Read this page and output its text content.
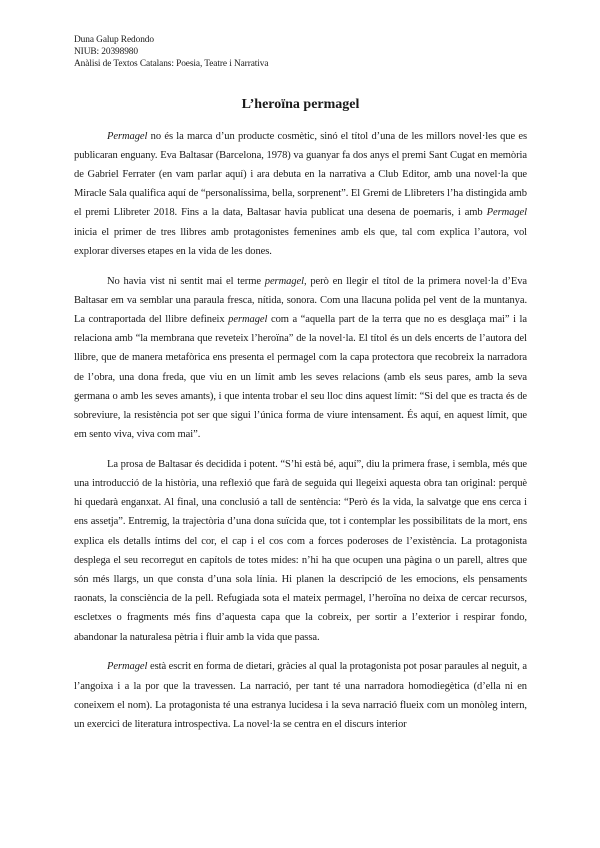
Duna Galup Redondo
NIUB: 20398980
Anàlisi de Textos Catalans: Poesia, Teatre i Narrativa
L’heroïna permagel

Permagel no és la marca d’un producte cosmètic, sinó el títol d’una de les millors novel·les que es publicaran enguany. Eva Baltasar (Barcelona, 1978) va guanyar fa dos anys el premi Sant Cugat en memòria de Gabriel Ferrater (en vam parlar aquí) i ara debuta en la narrativa a Club Editor, amb una novel·la que Miracle Sala qualifica aquí de “personalíssima, bella, sorprenent”. El Gremi de Llibreters l’ha distingida amb el premi Llibreter 2018. Fins a la data, Baltasar havia publicat una desena de poemaris, i amb Permagel inicia el primer de tres llibres amb protagonistes femenines amb els que, tal com explica l’autora, vol explorar diverses etapes en la vida de les dones.

No havia vist ni sentit mai el terme permagel, però en llegir el títol de la primera novel·la d’Eva Baltasar em va semblar una paraula fresca, nítida, sonora. Com una llacuna polida pel vent de la muntanya. La contraportada del llibre defineix permagel com a “aquella part de la terra que no es desglaça mai” i la relaciona amb “la membrana que reveteix l’heroïna” de la novel·la. El títol és un dels encerts de l’autora del llibre, que de manera metafòrica ens presenta el permagel com la capa protectora que recobreix la narradora de l’obra, una dona freda, que viu en un límit amb les seves relacions (amb els seus pares, amb la seva germana o amb les seves amants), i que intenta trobar el seu lloc dins aquest límit: “Si del que es tracta és de sobreviure, la resistència pot ser que sigui l’única forma de viure intensament. És aquí, en aquest límit, que em sento viva, viva com mai”.

La prosa de Baltasar és decidida i potent. “S’hi està bé, aquí”, diu la primera frase, i sembla, més que una introducció de la història, una reflexió que farà de seguida qui llegeixi aquesta obra tan original: perquè hi quedarà enganxat. Al final, una conclusió a tall de sentència: “Però és la vida, la salvatge que ens cerca i ens assetja”. Entremig, la trajectòria d’una dona suïcida que, tot i contemplar les possibilitats de la mort, ens explica els detalls íntims del cor, el cap i el cos com a forces poderoses de l’existència. La protagonista desplega el seu recorregut en capítols de totes mides: n’hi ha que ocupen una pàgina o un parell, altres que són més llargs, un que consta d’una sola línia. Hi planen la descripció de les emocions, els pensaments raonats, la consciència de la pell. Refugiada sota el mateix permagel, l’heroïna no deixa de cercar recursos, escletxes o fragments més fins d’aquesta capa que la cobreix, per sortir a l’exterior i respirar fondo, abandonar la naturalesa pètria i fluir amb la vida que passa.

Permagel està escrit en forma de dietari, gràcies al qual la protagonista pot posar paraules al neguit, a l’angoixa i a la por que la travessen. La narració, per tant té una narradora homodiegètica (d’ella ni en coneixem el nom). La protagonista té una estranya lucidesa i la seva narració flueix com un monòleg intern, un exercici de literatura introspectiva. La novel·la se centra en el discurs interior
